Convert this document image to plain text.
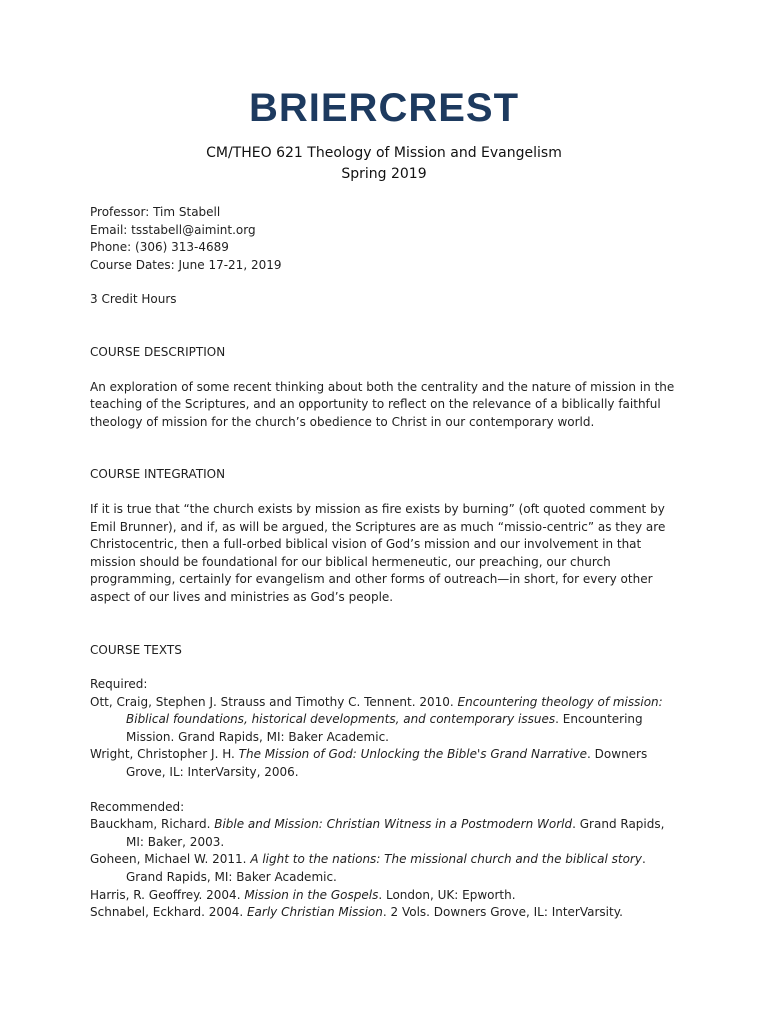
BRIERCREST
CM/THEO 621 Theology of Mission and Evangelism
Spring 2019
Professor: Tim Stabell
Email: tsstabell@aimint.org
Phone: (306) 313-4689
Course Dates: June 17-21, 2019
3 Credit Hours
COURSE DESCRIPTION

An exploration of some recent thinking about both the centrality and the nature of mission in the teaching of the Scriptures, and an opportunity to reflect on the relevance of a biblically faithful theology of mission for the church’s obedience to Christ in our contemporary world.

COURSE INTEGRATION

If it is true that “the church exists by mission as fire exists by burning” (oft quoted comment by Emil Brunner), and if, as will be argued, the Scriptures are as much “missio-centric” as they are Christocentric, then a full-orbed biblical vision of God’s mission and our involvement in that mission should be foundational for our biblical hermeneutic, our preaching, our church programming, certainly for evangelism and other forms of outreach—in short, for every other aspect of our lives and ministries as God’s people.

COURSE TEXTS
Required:

Ott, Craig, Stephen J. Strauss and Timothy C. Tennent. 2010. Encountering theology of mission: Biblical foundations, historical developments, and contemporary issues. Encountering Mission. Grand Rapids, MI: Baker Academic.

Wright, Christopher J. H. The Mission of God: Unlocking the Bible's Grand Narrative. Downers Grove, IL: InterVarsity, 2006.

Recommended:

Bauckham, Richard. Bible and Mission: Christian Witness in a Postmodern World. Grand Rapids, MI: Baker, 2003.

Goheen, Michael W. 2011. A light to the nations: The missional church and the biblical story. Grand Rapids, MI: Baker Academic.

Harris, R. Geoffrey. 2004. Mission in the Gospels. London, UK: Epworth.

Schnabel, Eckhard. 2004. Early Christian Mission. 2 Vols. Downers Grove, IL: InterVarsity.
